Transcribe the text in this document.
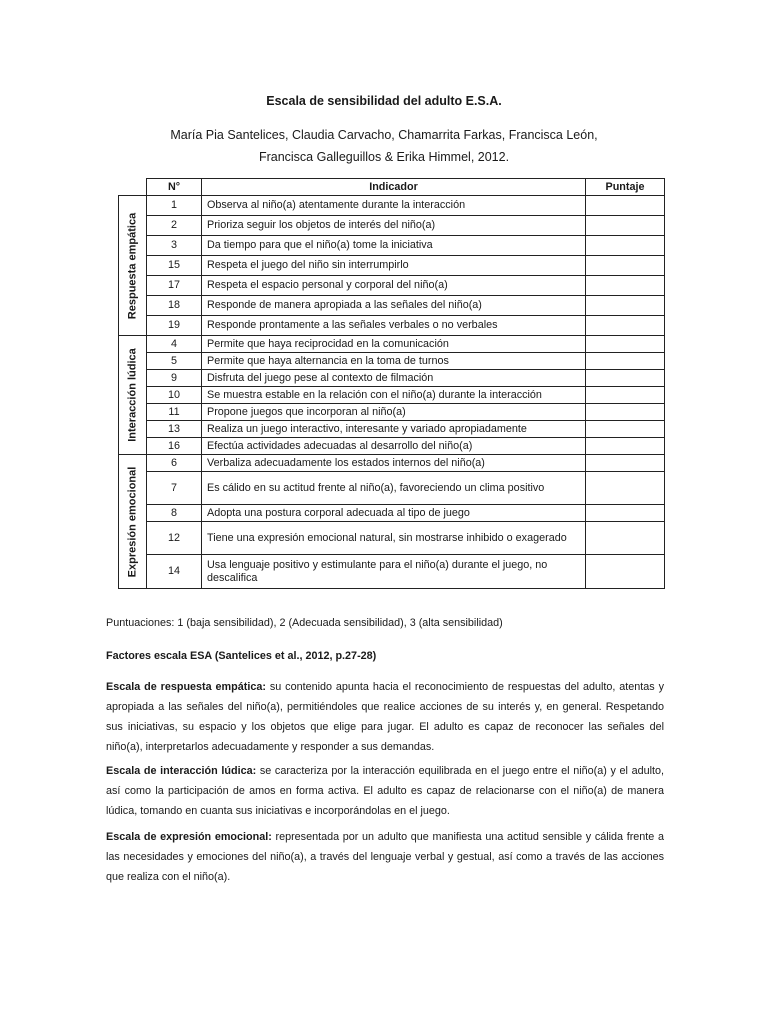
Escala de sensibilidad del adulto E.S.A.
María Pia Santelices, Claudia Carvacho, Chamarrita Farkas, Francisca León,
Francisca Galleguillos & Erika Himmel, 2012.
	N°	Indicador	Puntaje

Respuesta empática	1	Observa al niño(a) atentamente durante la interacción	
	2	Prioriza seguir los objetos de interés del niño(a)	
	3	Da tiempo para que el niño(a) tome la iniciativa	
	15	Respeta el juego del niño sin interrumpirlo	
	17	Respeta el espacio personal y corporal del niño(a)	
	18	Responde de manera apropiada a las señales del niño(a)	
	19	Responde prontamente a las señales verbales o no verbales	

Interacción lúdica	4	Permite que haya reciprocidad en la comunicación	
	5	Permite que haya alternancia en la toma de turnos	
	9	Disfruta del juego pese al contexto de filmación	
	10	Se muestra estable en la relación con el niño(a) durante la interacción	
	11	Propone juegos que incorporan al niño(a)	
	13	Realiza un juego interactivo, interesante y variado apropiadamente	
	16	Efectúa actividades adecuadas al desarrollo del niño(a)	

Expresión emocional	6	Verbaliza adecuadamente los estados internos del niño(a)	
	7	Es cálido en su actitud frente al niño(a), favoreciendo un clima positivo	
	8	Adopta una postura corporal adecuada al tipo de juego	
	12	Tiene una expresión emocional natural, sin mostrarse inhibido o exagerado	
	14	Usa lenguaje positivo y estimulante para el niño(a) durante el juego, no descalifica	
Puntuaciones: 1 (baja sensibilidad), 2 (Adecuada sensibilidad), 3 (alta sensibilidad)
Factores escala ESA (Santelices et al., 2012, p.27-28)
Escala de respuesta empática: su contenido apunta hacia el reconocimiento de respuestas del adulto, atentas y apropiada a las señales del niño(a), permitiéndoles que realice acciones de su interés y, en general. Respetando sus iniciativas, su espacio y los objetos que elige para jugar. El adulto es capaz de reconocer las señales del niño(a), interpretarlos adecuadamente y responder a sus demandas.
Escala de interacción lúdica: se caracteriza por la interacción equilibrada en el juego entre el niño(a) y el adulto, así como la participación de amos en forma activa. El adulto es capaz de relacionarse con el niño(a) de manera lúdica, tomando en cuanta sus iniciativas e incorporándolas en el juego.
Escala de expresión emocional: representada por un adulto que manifiesta una actitud sensible y cálida frente a las necesidades y emociones del niño(a), a través del lenguaje verbal y gestual, así como a través de las acciones que realiza con el niño(a).
